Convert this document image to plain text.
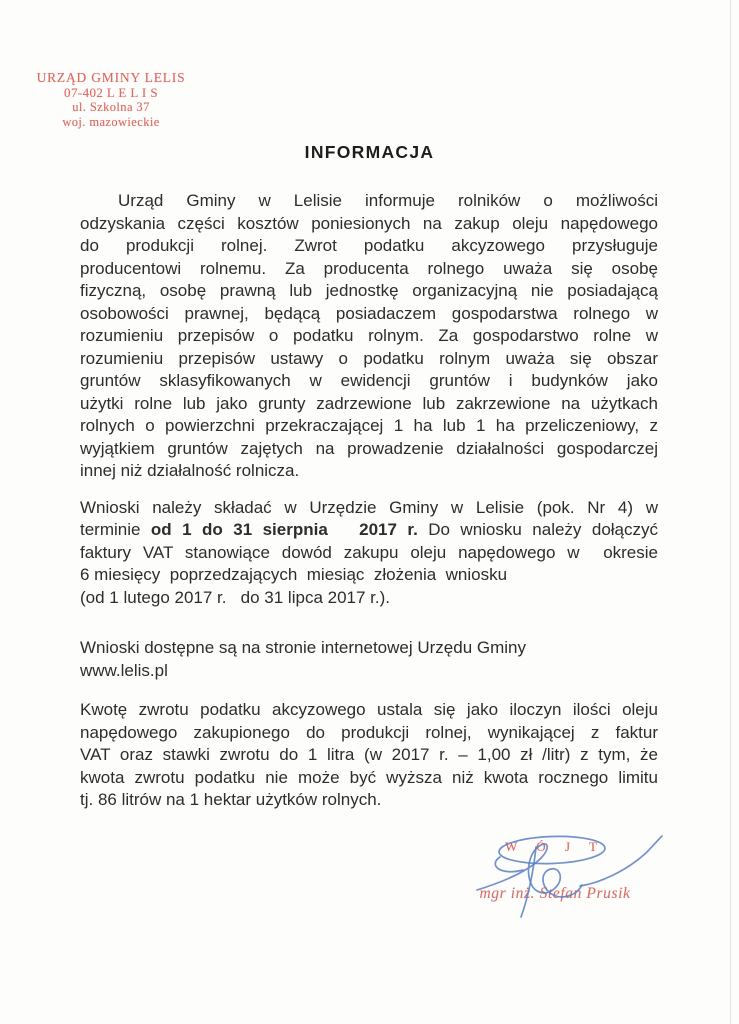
URZĄD GMINY LELIS
07-402 L E L I S
ul. Szkolna 37
woj. mazowieckie
INFORMACJA
Urząd Gminy w Lelisie informuje rolników o możliwości
odzyskania części kosztów poniesionych na zakup oleju napędowego
do produkcji rolnej. Zwrot podatku akcyzowego przysługuje
producentowi rolnemu. Za producenta rolnego uważa się osobę
fizyczną, osobę prawną lub jednostkę organizacyjną nie posiadającą
osobowości prawnej, będącą posiadaczem gospodarstwa rolnego w
rozumieniu przepisów o podatku rolnym. Za gospodarstwo rolne w
rozumieniu przepisów ustawy o podatku rolnym uważa się obszar
gruntów sklasyfikowanych w ewidencji gruntów i budynków jako
użytki rolne lub jako grunty zadrzewione lub zakrzewione na użytkach
rolnych o powierzchni przekraczającej 1 ha lub 1 ha przeliczeniowy, z
wyjątkiem gruntów zajętych na prowadzenie działalności gospodarczej
innej niż działalność rolnicza.
Wnioski należy składać w Urzędzie Gminy w Lelisie (pok. Nr 4) w
terminie od 1 do 31 sierpnia   2017 r. Do wniosku należy dołączyć
faktury VAT stanowiące dowód zakupu oleju napędowego w  okresie
6 miesięcy  poprzedzających  miesiąc  złożenia  wniosku
(od 1 lutego 2017 r.   do 31 lipca 2017 r.).
Wnioski dostępne są na stronie internetowej Urzędu Gminy
www.lelis.pl
Kwotę zwrotu podatku akcyzowego ustala się jako iloczyn ilości oleju
napędowego zakupionego do produkcji rolnej, wynikającej z faktur
VAT oraz stawki zwrotu do 1 litra (w 2017 r. – 1,00 zł /litr) z tym, że
kwota zwrotu podatku nie może być wyższa niż kwota rocznego limitu
tj. 86 litrów na 1 hektar użytków rolnych.
W Ó J T
mgr inż. Stefan Prusik
